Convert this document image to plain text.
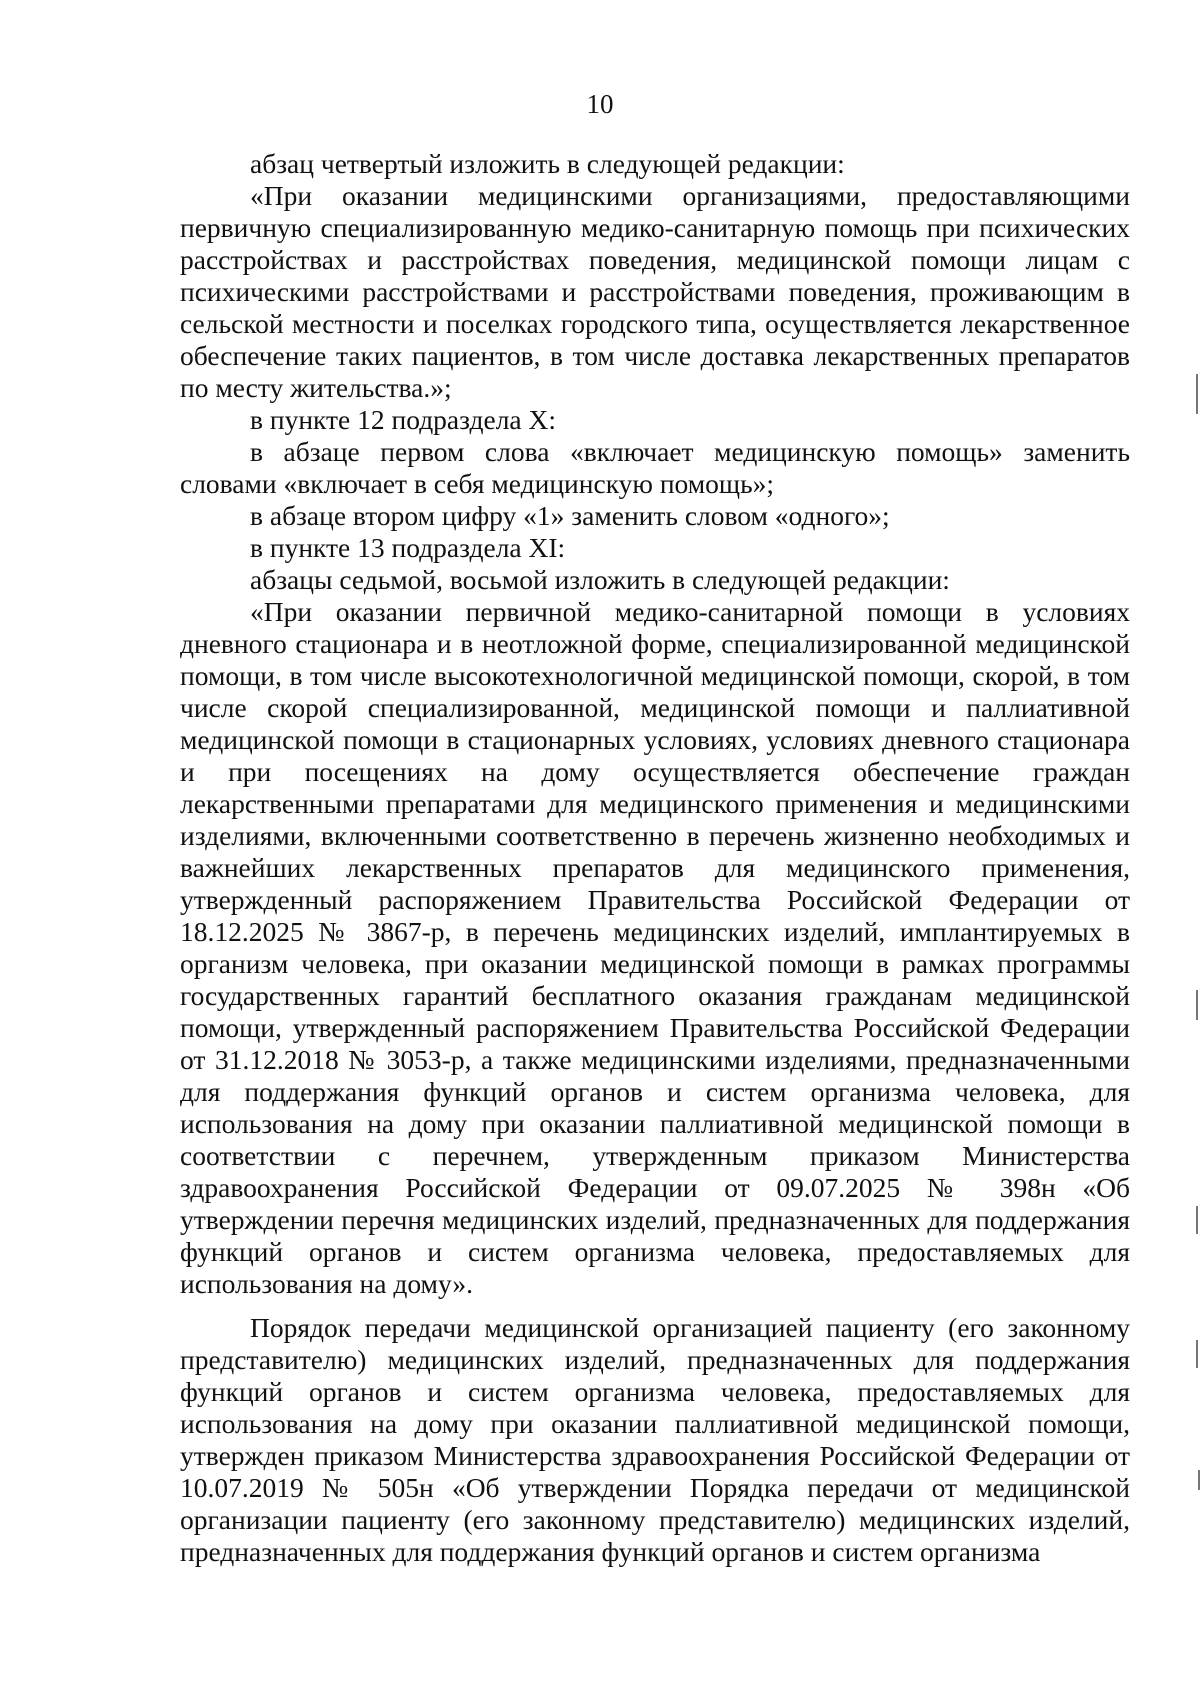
10

абзац четвертый изложить в следующей редакции:

«При оказании медицинскими организациями, предоставляющими первичную специализированную медико-санитарную помощь при психических расстройствах и расстройствах поведения, медицинской помощи лицам с психическими расстройствами и расстройствами поведения, проживающим в сельской местности и поселках городского типа, осуществляется лекарственное обеспечение таких пациентов, в том числе доставка лекарственных препаратов по месту жительства.»;

в пункте 12 подраздела X:

в абзаце первом слова «включает медицинскую помощь» заменить словами «включает в себя медицинскую помощь»;

в абзаце втором цифру «1» заменить словом «одного»;

в пункте 13 подраздела XI:

абзацы седьмой, восьмой изложить в следующей редакции:

«При оказании первичной медико-санитарной помощи в условиях дневного стационара и в неотложной форме, специализированной медицинской помощи, в том числе высокотехнологичной медицинской помощи, скорой, в том числе скорой специализированной, медицинской помощи и паллиативной медицинской помощи в стационарных условиях, условиях дневного стационара и при посещениях на дому осуществляется обеспечение граждан лекарственными препаратами для медицинского применения и медицинскими изделиями, включенными соответственно в перечень жизненно необходимых и важнейших лекарственных препаратов для медицинского применения, утвержденный распоряжением Правительства Российской Федерации от 18.12.2025 № 3867-р, в перечень медицинских изделий, имплантируемых в организм человека, при оказании медицинской помощи в рамках программы государственных гарантий бесплатного оказания гражданам медицинской помощи, утвержденный распоряжением Правительства Российской Федерации от 31.12.2018 № 3053-р, а также медицинскими изделиями, предназначенными для поддержания функций органов и систем организма человека, для использования на дому при оказании паллиативной медицинской помощи в соответствии с перечнем, утвержденным приказом Министерства здравоохранения Российской Федерации от 09.07.2025 № 398н «Об утверждении перечня медицинских изделий, предназначенных для поддержания функций органов и систем организма человека, предоставляемых для использования на дому».

Порядок передачи медицинской организацией пациенту (его законному представителю) медицинских изделий, предназначенных для поддержания функций органов и систем организма человека, предоставляемых для использования на дому при оказании паллиативной медицинской помощи, утвержден приказом Министерства здравоохранения Российской Федерации от 10.07.2019 № 505н «Об утверждении Порядка передачи от медицинской организации пациенту (его законному представителю) медицинских изделий, предназначенных для поддержания функций органов и систем организма
